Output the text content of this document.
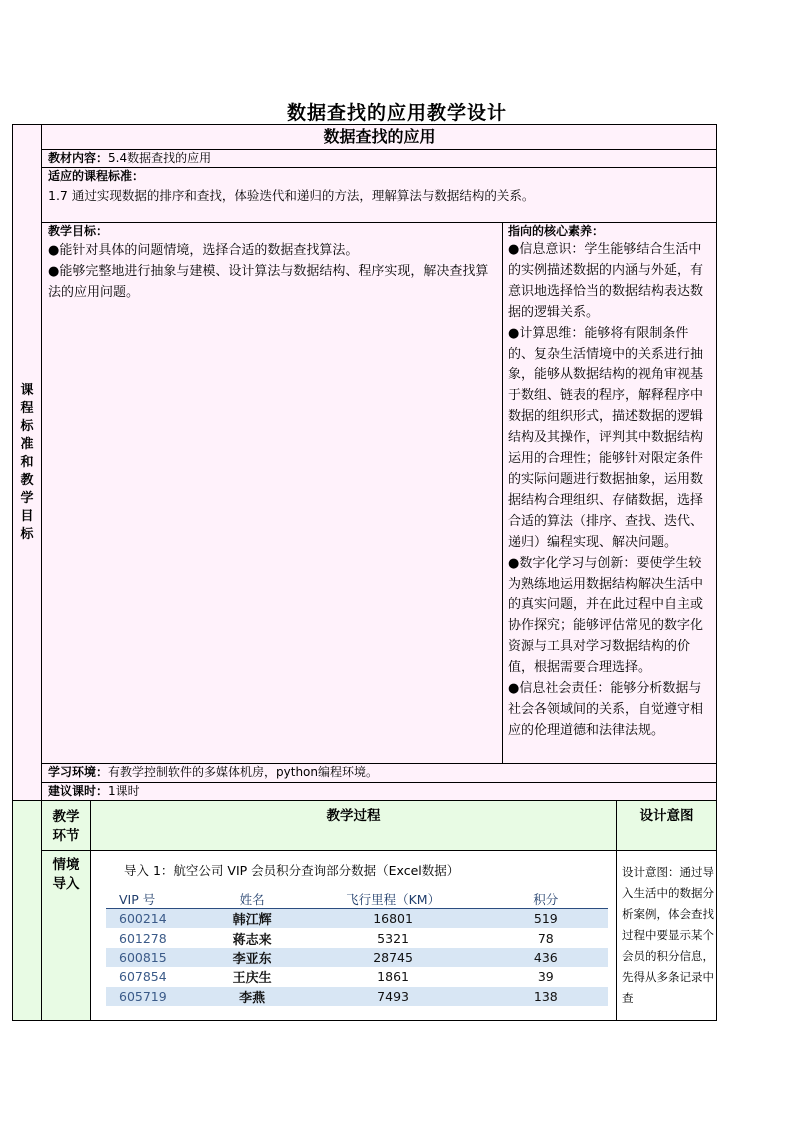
数据查找的应用教学设计
课程标准和教学目标
数据查找的应用
教材内容：5.4数据查找的应用
适应的课程标准：
1.7 通过实现数据的排序和查找，体验迭代和递归的方法，理解算法与数据结构的关系。
教学目标：
●能针对具体的问题情境，选择合适的数据查找算法。
●能够完整地进行抽象与建模、设计算法与数据结构、程序实现，解决查找算法的应用问题。
指向的核心素养：
●信息意识：学生能够结合生活中的实例描述数据的内涵与外延，有意识地选择恰当的数据结构表达数据的逻辑关系。
●计算思维：能够将有限制条件的、复杂生活情境中的关系进行抽象，能够从数据结构的视角审视基于数组、链表的程序，解释程序中数据的组织形式，描述数据的逻辑结构及其操作，评判其中数据结构运用的合理性；能够针对限定条件的实际问题进行数据抽象，运用数据结构合理组织、存储数据，选择合适的算法（排序、查找、迭代、递归）编程实现、解决问题。
●数字化学习与创新：要使学生较为熟练地运用数据结构解决生活中的真实问题，并在此过程中自主或协作探究；能够评估常见的数字化资源与工具对学习数据结构的价值，根据需要合理选择。
●信息社会责任：能够分析数据与社会各领域间的关系，自觉遵守相应的伦理道德和法律法规。
学习环境：有教学控制软件的多媒体机房，python编程环境。
建议课时：1课时
教学环节
教学过程	设计意图
情境导入
导入 1：航空公司 VIP 会员积分查询部分数据（Excel数据）
VIP 号	姓名	飞行里程（KM）	积分
600214	韩江辉	16801	519
601278	蒋志来	5321	78
600815	李亚东	28745	436
607854	王庆生	1861	39
605719	李燕	7493	138
设计意图：通过导入生活中的数据分析案例，体会查找过程中要显示某个会员的积分信息，先得从多条记录中查
